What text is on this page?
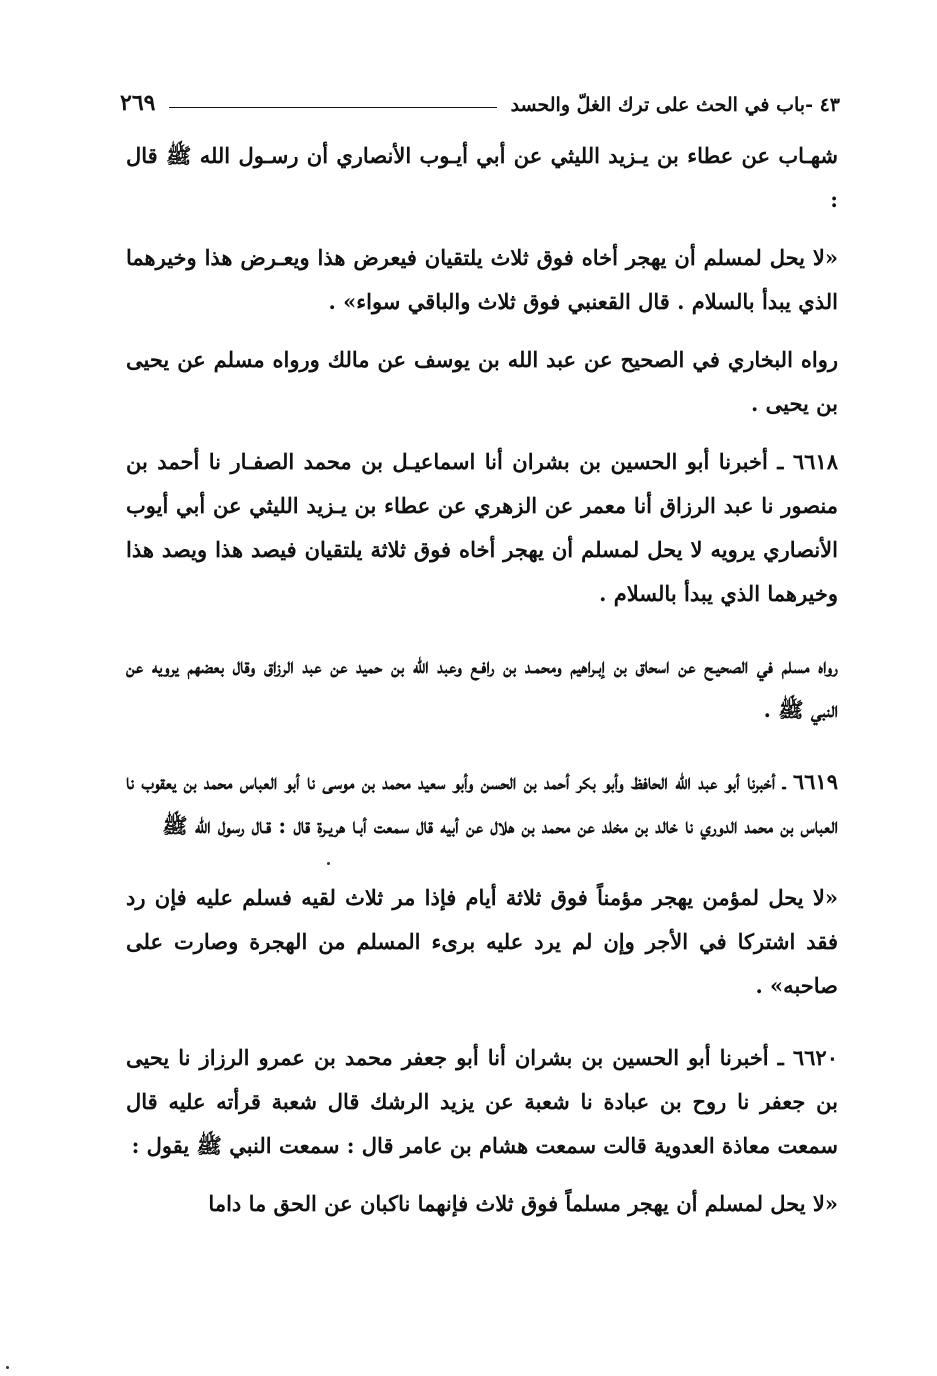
٤٣ -باب في الحث على ترك الغلّ والحسد
٢٦٩

شهـاب عن عطاء بن يـزيد الليثي عن أبي أيـوب الأنصاري أن رسـول الله ﷺ قال :

«لا يحل لمسلم أن يهجر أخاه فوق ثلاث يلتقيان فيعرض هذا ويعـرض هذا وخيرهما الذي يبدأ بالسلام . قال القعنبي فوق ثلاث والباقي سواء» .

رواه البخاري في الصحيح عن عبد الله بن يوسف عن مالك ورواه مسلم عن يحيى بن يحيى .

٦٦١٨ ـ أخبرنا أبو الحسين بن بشران أنا اسماعيـل بن محمد الصفـار نا أحمد بن منصور نا عبد الرزاق أنا معمر عن الزهري عن عطاء بن يـزيد الليثي عن أبي أيوب الأنصاري يرويه لا يحل لمسلم أن يهجر أخاه فوق ثلاثة يلتقيان فيصد هذا ويصد هذا وخيرهما الذي يبدأ بالسلام .

رواه مسلم في الصحيـح عن اسحاق بن إبـراهيم ومحمـد بن رافـع وعبد الله بن حميد عن عبد الرزاق وقال بعضهم يرويه عن النبي ﷺ .

٦٦١٩ ـ أخبرنا أبو عبد الله الحافظ وأبو بكر أحمد بن الحسن وأبو سعيد محمد بن موسى نا أبو العباس محمد بن يعقوب نا العباس بن محمد الدوري نا خالد بن مخلد عن محمد بن هلال عن أبيه قال سمعت أبـا هريـرة قال : قـال رسول الله ﷺ

«لا يحل لمؤمن يهجر مؤمناً فوق ثلاثة أيام فإذا مر ثلاث لقيه فسلم عليه فإن رد فقد اشتركا في الأجر وإن لم يرد عليه برىء المسلم من الهجرة وصارت على صاحبه» .

٦٦٢٠ ـ أخبرنا أبو الحسين بن بشران أنا أبو جعفر محمد بن عمرو الرزاز نا يحيى بن جعفر نا روح بن عبادة نا شعبة عن يزيد الرشك قال شعبة قرأته عليه قال سمعت معاذة العدوية قالت سمعت هشام بن عامر قال : سمعت النبي ﷺ يقول :

«لا يحل لمسلم أن يهجر مسلماً فوق ثلاث فإنهما ناكبان عن الحق ما داما
